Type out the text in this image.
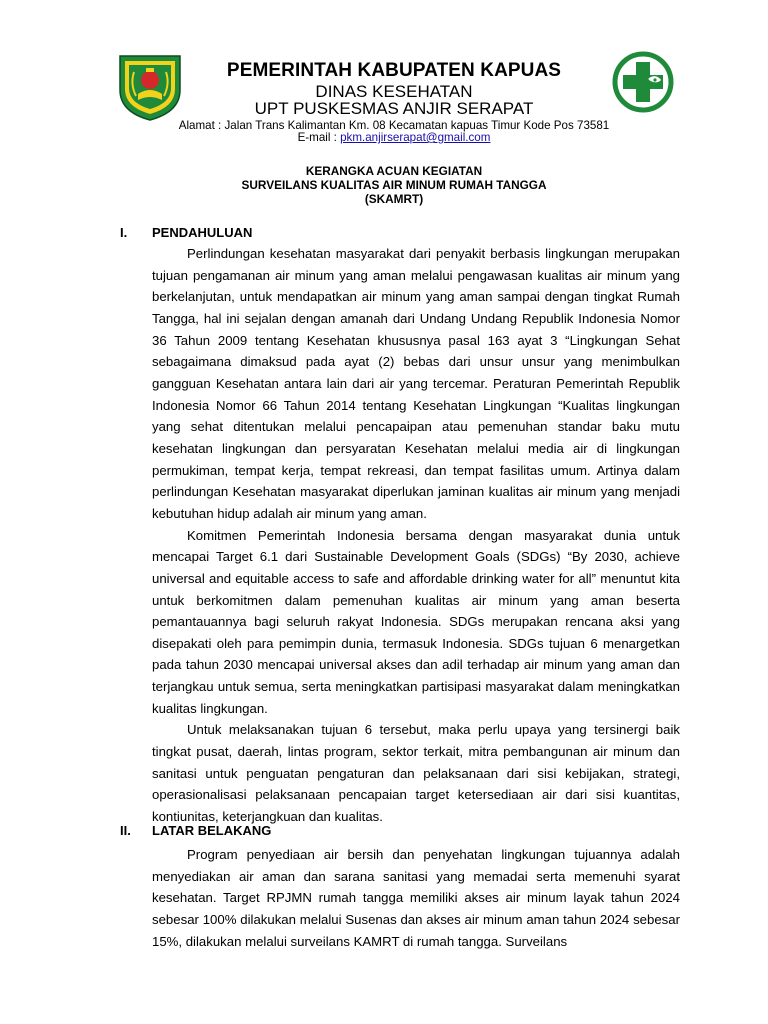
PEMERINTAH KABUPATEN KAPUAS
DINAS KESEHATAN
UPT PUSKESMAS ANJIR SERAPAT
Alamat : Jalan Trans Kalimantan Km. 08 Kecamatan kapuas Timur Kode Pos 73581
E-mail : pkm.anjirserapat@gmail.com
KERANGKA ACUAN KEGIATAN
SURVEILANS KUALITAS AIR MINUM RUMAH TANGGA
(SKAMRT)
I. PENDAHULUAN

Perlindungan kesehatan masyarakat dari penyakit berbasis lingkungan merupakan tujuan pengamanan air minum yang aman melalui pengawasan kualitas air minum yang berkelanjutan, untuk mendapatkan air minum yang aman sampai dengan tingkat Rumah Tangga, hal ini sejalan dengan amanah dari Undang Undang Republik Indonesia Nomor 36 Tahun 2009 tentang Kesehatan khususnya pasal 163 ayat 3 “Lingkungan Sehat sebagaimana dimaksud pada ayat (2) bebas dari unsur unsur yang menimbulkan gangguan Kesehatan antara lain dari air yang tercemar. Peraturan Pemerintah Republik Indonesia Nomor 66 Tahun 2014 tentang Kesehatan Lingkungan “Kualitas lingkungan yang sehat ditentukan melalui pencapaipan atau pemenuhan standar baku mutu kesehatan lingkungan dan persyaratan Kesehatan melalui media air di lingkungan permukiman, tempat kerja, tempat rekreasi, dan tempat fasilitas umum. Artinya dalam perlindungan Kesehatan masyarakat diperlukan jaminan kualitas air minum yang menjadi kebutuhan hidup adalah air minum yang aman.

Komitmen Pemerintah Indonesia bersama dengan masyarakat dunia untuk mencapai Target 6.1 dari Sustainable Development Goals (SDGs) “By 2030, achieve universal and equitable access to safe and affordable drinking water for all” menuntut kita untuk berkomitmen dalam pemenuhan kualitas air minum yang aman beserta pemantauannya bagi seluruh rakyat Indonesia. SDGs merupakan rencana aksi yang disepakati oleh para pemimpin dunia, termasuk Indonesia. SDGs tujuan 6 menargetkan pada tahun 2030 mencapai universal akses dan adil terhadap air minum yang aman dan terjangkau untuk semua, serta meningkatkan partisipasi masyarakat dalam meningkatkan kualitas lingkungan.

Untuk melaksanakan tujuan 6 tersebut, maka perlu upaya yang tersinergi baik tingkat pusat, daerah, lintas program, sektor terkait, mitra pembangunan air minum dan sanitasi untuk penguatan pengaturan dan pelaksanaan dari sisi kebijakan, strategi, operasionalisasi pelaksanaan pencapaian target ketersediaan air dari sisi kuantitas, kontiunitas, keterjangkuan dan kualitas.

II. LATAR BELAKANG

Program penyediaan air bersih dan penyehatan lingkungan tujuannya adalah menyediakan air aman dan sarana sanitasi yang memadai serta memenuhi syarat kesehatan. Target RPJMN rumah tangga memiliki akses air minum layak tahun 2024 sebesar 100% dilakukan melalui Susenas dan akses air minum aman tahun 2024 sebesar 15%, dilakukan melalui surveilans KAMRT di rumah tangga. Surveilans
